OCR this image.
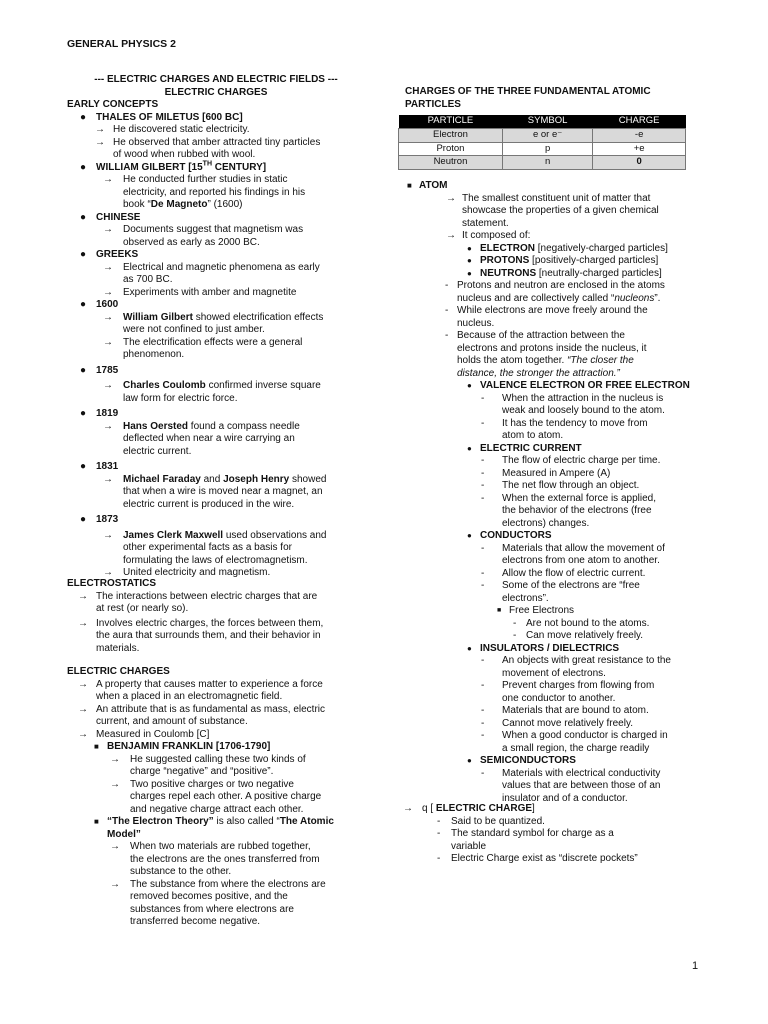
GENERAL PHYSICS 2
--- ELECTRIC CHARGES AND ELECTRIC FIELDS ---
ELECTRIC CHARGES
EARLY CONCEPTS
● THALES OF MILETUS [600 BC]
→ He discovered static electricity.
→ He observed that amber attracted tiny particles
of wood when rubbed with wool.
● WILLIAM GILBERT [15TH CENTURY]
→ He conducted further studies in static
electricity, and reported his findings in his
book “De Magneto” (1600)
● CHINESE
→ Documents suggest that magnetism was
observed as early as 2000 BC.
● GREEKS
→ Electrical and magnetic phenomena as early
as 700 BC.
→ Experiments with amber and magnetite
● 1600
→ William Gilbert showed electrification effects
were not confined to just amber.
→ The electrification effects were a general
phenomenon.
● 1785
→ Charles Coulomb confirmed inverse square
law form for electric force.
● 1819
→ Hans Oersted found a compass needle
deflected when near a wire carrying an
electric current.
● 1831
→ Michael Faraday and Joseph Henry showed
that when a wire is moved near a magnet, an
electric current is produced in the wire.
● 1873
→ James Clerk Maxwell used observations and
other experimental facts as a basis for
formulating the laws of electromagnetism.
→ United electricity and magnetism.
ELECTROSTATICS
→ The interactions between electric charges that are
at rest (or nearly so).
→ Involves electric charges, the forces between them,
the aura that surrounds them, and their behavior in
materials.
ELECTRIC CHARGES
→ A property that causes matter to experience a force
when a placed in an electromagnetic field.
→ An attribute that is as fundamental as mass, electric
current, and amount of substance.
→ Measured in Coulomb [C]
■ BENJAMIN FRANKLIN [1706-1790]
→ He suggested calling these two kinds of
charge “negative” and “positive”.
→ Two positive charges or two negative
charges repel each other. A positive charge
and negative charge attract each other.
■ “The Electron Theory” is also called “The Atomic
Model”
→ When two materials are rubbed together,
the electrons are the ones transferred from
substance to the other.
→ The substance from where the electrons are
removed becomes positive, and the
substances from where electrons are
transferred become negative.
CHARGES OF THE THREE FUNDAMENTAL ATOMIC
PARTICLES
PARTICLE	SYMBOL	CHARGE
Electron	e or e⁻	-e
Proton	p	+e
Neutron	n	0
■ ATOM
→ The smallest constituent unit of matter that
showcase the properties of a given chemical
statement.
→ It composed of:
● ELECTRON [negatively-charged particles]
● PROTONS [positively-charged particles]
● NEUTRONS [neutrally-charged particles]
- Protons and neutron are enclosed in the atoms
nucleus and are collectively called “nucleons”.
- While electrons are move freely around the
nucleus.
- Because of the attraction between the
electrons and protons inside the nucleus, it
holds the atom together. “The closer the
distance, the stronger the attraction.”
● VALENCE ELECTRON OR FREE ELECTRON
- When the attraction in the nucleus is
weak and loosely bound to the atom.
- It has the tendency to move from
atom to atom.
● ELECTRIC CURRENT
- The flow of electric charge per time.
- Measured in Ampere (A)
- The net flow through an object.
- When the external force is applied,
the behavior of the electrons (free
electrons) changes.
● CONDUCTORS
- Materials that allow the movement of
electrons from one atom to another.
- Allow the flow of electric current.
- Some of the electrons are “free
electrons”.
■ Free Electrons
- Are not bound to the atoms.
- Can move relatively freely.
● INSULATORS / DIELECTRICS
- An objects with great resistance to the
movement of electrons.
- Prevent charges from flowing from
one conductor to another.
- Materials that are bound to atom.
- Cannot move relatively freely.
- When a good conductor is charged in
a small region, the charge readily
● SEMICONDUCTORS
- Materials with electrical conductivity
values that are between those of an
insulator and of a conductor.
→ q [ ELECTRIC CHARGE]
- Said to be quantized.
- The standard symbol for charge as a
variable
- Electric Charge exist as “discrete pockets”
1
